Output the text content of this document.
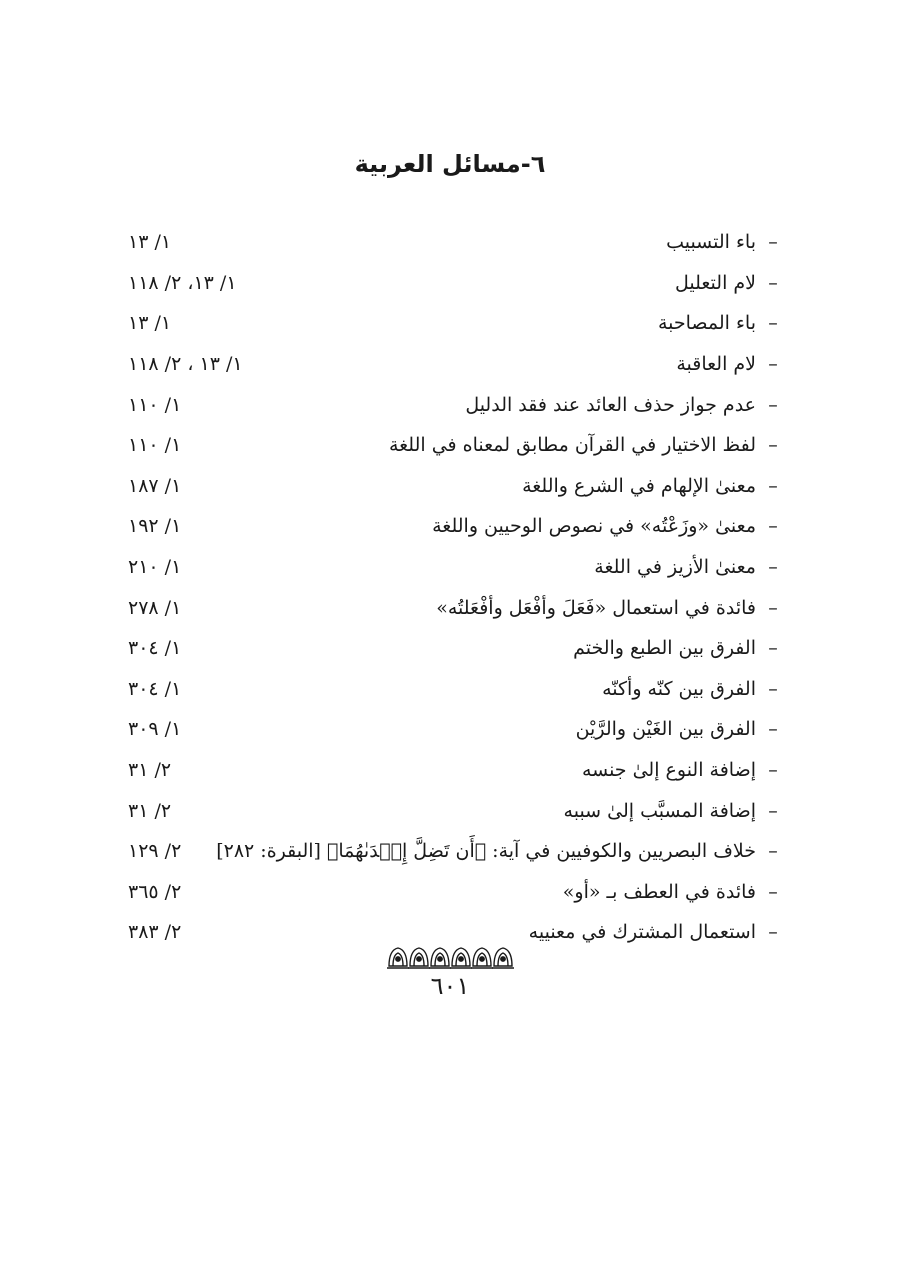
٦-مسائل العربية
–
باء التسبيب
١/ ١٣
–
لام التعليل
١/ ١٣، ٢/ ١١٨
–
باء المصاحبة
١/ ١٣
–
لام العاقبة
١/ ١٣ ، ٢/ ١١٨
–
عدم جواز حذف العائد عند فقد الدليل
١/ ١١٠
–
لفظ الاختيار في القرآن مطابق لمعناه في اللغة
١/ ١١٠
–
معنىٰ الإلهام في الشرع واللغة
١/ ١٨٧
–
معنىٰ «وزَعْتُه» في نصوص الوحيين واللغة
١/ ١٩٢
–
معنىٰ الأزيز في اللغة
١/ ٢١٠
–
فائدة في استعمال «فَعَلَ وأفْعَل وأفْعَلتُه»
١/ ٢٧٨
–
الفرق بين الطبع والختم
١/ ٣٠٤
–
الفرق بين كنّه وأكنّه
١/ ٣٠٤
–
الفرق بين الغَيْن والرَّيْن
١/ ٣٠٩
–
إضافة النوع إلىٰ جنسه
٢/ ٣١
–
إضافة المسبَّب إلىٰ سببه
٢/ ٣١
–
خلاف البصريين والكوفيين في آية: ﴿أَن تَضِلَّ إِحۡدَىٰهُمَا﴾ [البقرة: ٢٨٢]
٢/ ١٢٩
–
فائدة في العطف بـ «أو»
٢/ ٣٦٥
–
استعمال المشترك في معنييه
٢/ ٣٨٣
٦٠١
